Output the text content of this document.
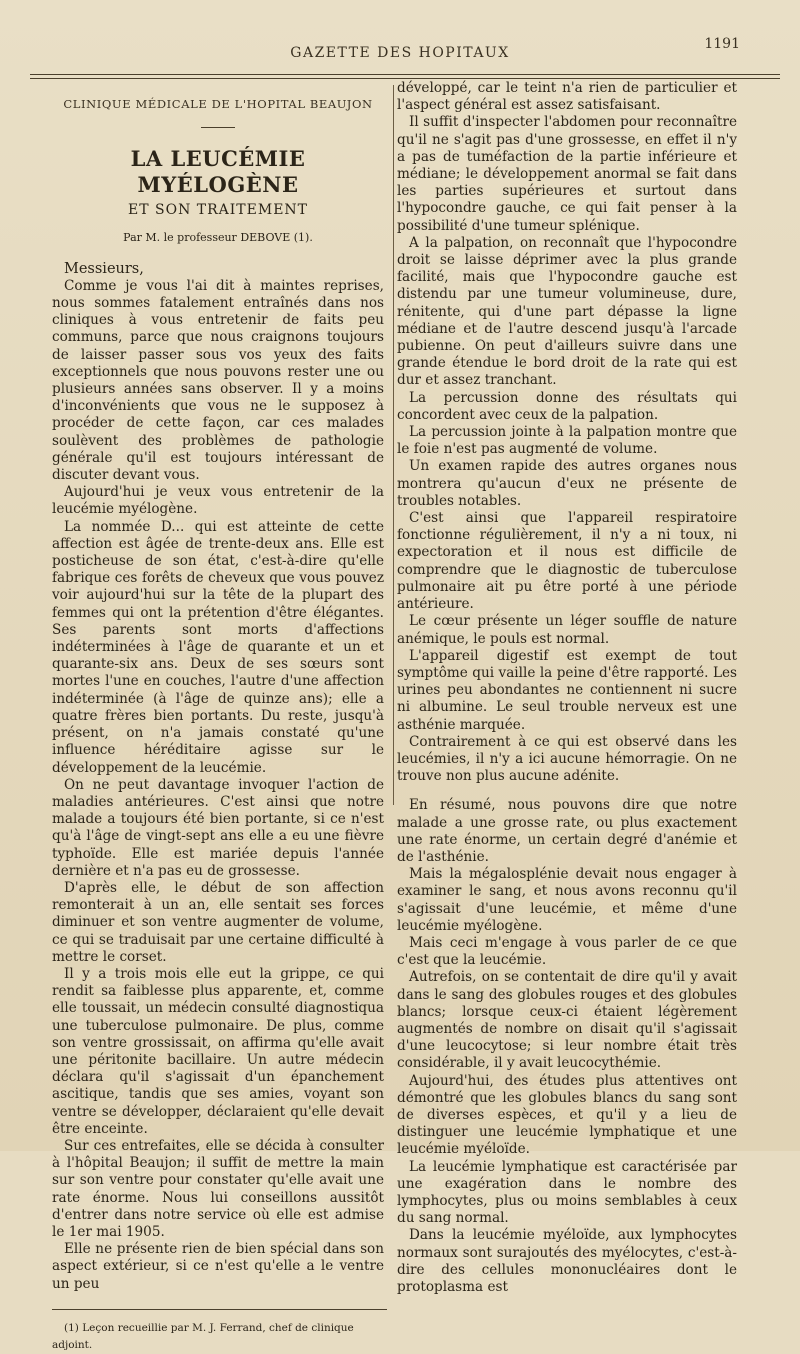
GAZETTE DES HOPITAUX
1191
CLINIQUE MÉDICALE DE L'HOPITAL BEAUJON
LA LEUCÉMIE MYÉLOGÈNE
ET SON TRAITEMENT
Par M. le professeur DEBOVE (1).

Messieurs,

Comme je vous l'ai dit à maintes reprises, nous sommes fatalement entraînés dans nos cliniques à vous entretenir de faits peu communs, parce que nous craignons toujours de laisser passer sous vos yeux des faits exceptionnels que nous pouvons rester une ou plusieurs années sans observer. Il y a moins d'inconvénients que vous ne le supposez à procéder de cette façon, car ces malades soulèvent des problèmes de pathologie générale qu'il est toujours intéressant de discuter devant vous.

Aujourd'hui je veux vous entretenir de la leucémie myélogène.

La nommée D... qui est atteinte de cette affection est âgée de trente-deux ans. Elle est posticheuse de son état, c'est-à-dire qu'elle fabrique ces forêts de cheveux que vous pouvez voir aujourd'hui sur la tête de la plupart des femmes qui ont la prétention d'être élégantes. Ses parents sont morts d'affections indéterminées à l'âge de quarante et un et quarante-six ans. Deux de ses sœurs sont mortes l'une en couches, l'autre d'une affection indéterminée (à l'âge de quinze ans); elle a quatre frères bien portants. Du reste, jusqu'à présent, on n'a jamais constaté qu'une influence héréditaire agisse sur le développement de la leucémie.

On ne peut davantage invoquer l'action de maladies antérieures. C'est ainsi que notre malade a toujours été bien portante, si ce n'est qu'à l'âge de vingt-sept ans elle a eu une fièvre typhoïde. Elle est mariée depuis l'année dernière et n'a pas eu de grossesse.

D'après elle, le début de son affection remonterait à un an, elle sentait ses forces diminuer et son ventre augmenter de volume, ce qui se traduisait par une certaine difficulté à mettre le corset.

Il y a trois mois elle eut la grippe, ce qui rendit sa faiblesse plus apparente, et, comme elle toussait, un médecin consulté diagnostiqua une tuberculose pulmonaire. De plus, comme son ventre grossissait, on affirma qu'elle avait une péritonite bacillaire. Un autre médecin déclara qu'il s'agissait d'un épanchement ascitique, tandis que ses amies, voyant son ventre se développer, déclaraient qu'elle devait être enceinte.

Sur ces entrefaites, elle se décida à consulter à l'hôpital Beaujon; il suffit de mettre la main sur son ventre pour constater qu'elle avait une rate énorme. Nous lui conseillons aussitôt d'entrer dans notre service où elle est admise le 1er mai 1905.

Elle ne présente rien de bien spécial dans son aspect extérieur, si ce n'est qu'elle a le ventre un peu

(1) Leçon recueillie par M. J. Ferrand, chef de clinique adjoint.

développé, car le teint n'a rien de particulier et l'aspect général est assez satisfaisant.

Il suffit d'inspecter l'abdomen pour reconnaître qu'il ne s'agit pas d'une grossesse, en effet il n'y a pas de tuméfaction de la partie inférieure et médiane; le développement anormal se fait dans les parties supérieures et surtout dans l'hypocondre gauche, ce qui fait penser à la possibilité d'une tumeur splénique.

A la palpation, on reconnaît que l'hypocondre droit se laisse déprimer avec la plus grande facilité, mais que l'hypocondre gauche est distendu par une tumeur volumineuse, dure, rénitente, qui d'une part dépasse la ligne médiane et de l'autre descend jusqu'à l'arcade pubienne. On peut d'ailleurs suivre dans une grande étendue le bord droit de la rate qui est dur et assez tranchant.

La percussion donne des résultats qui concordent avec ceux de la palpation.

La percussion jointe à la palpation montre que le foie n'est pas augmenté de volume.

Un examen rapide des autres organes nous montrera qu'aucun d'eux ne présente de troubles notables.

C'est ainsi que l'appareil respiratoire fonctionne régulièrement, il n'y a ni toux, ni expectoration et il nous est difficile de comprendre que le diagnostic de tuberculose pulmonaire ait pu être porté à une période antérieure.

Le cœur présente un léger souffle de nature anémique, le pouls est normal.

L'appareil digestif est exempt de tout symptôme qui vaille la peine d'être rapporté. Les urines peu abondantes ne contiennent ni sucre ni albumine. Le seul trouble nerveux est une asthénie marquée.

Contrairement à ce qui est observé dans les leucémies, il n'y a ici aucune hémorragie. On ne trouve non plus aucune adénite.

En résumé, nous pouvons dire que notre malade a une grosse rate, ou plus exactement une rate énorme, un certain degré d'anémie et de l'asthénie.

Mais la mégalosplénie devait nous engager à examiner le sang, et nous avons reconnu qu'il s'agissait d'une leucémie, et même d'une leucémie myélogène.

Mais ceci m'engage à vous parler de ce que c'est que la leucémie.

Autrefois, on se contentait de dire qu'il y avait dans le sang des globules rouges et des globules blancs; lorsque ceux-ci étaient légèrement augmentés de nombre on disait qu'il s'agissait d'une leucocytose; si leur nombre était très considérable, il y avait leucocythémie.

Aujourd'hui, des études plus attentives ont démontré que les globules blancs du sang sont de diverses espèces, et qu'il y a lieu de distinguer une leucémie lymphatique et une leucémie myéloïde.

La leucémie lymphatique est caractérisée par une exagération dans le nombre des lymphocytes, plus ou moins semblables à ceux du sang normal.

Dans la leucémie myéloïde, aux lymphocytes normaux sont surajoutés des myélocytes, c'est-à-dire des cellules mononucléaires dont le protoplasma est
